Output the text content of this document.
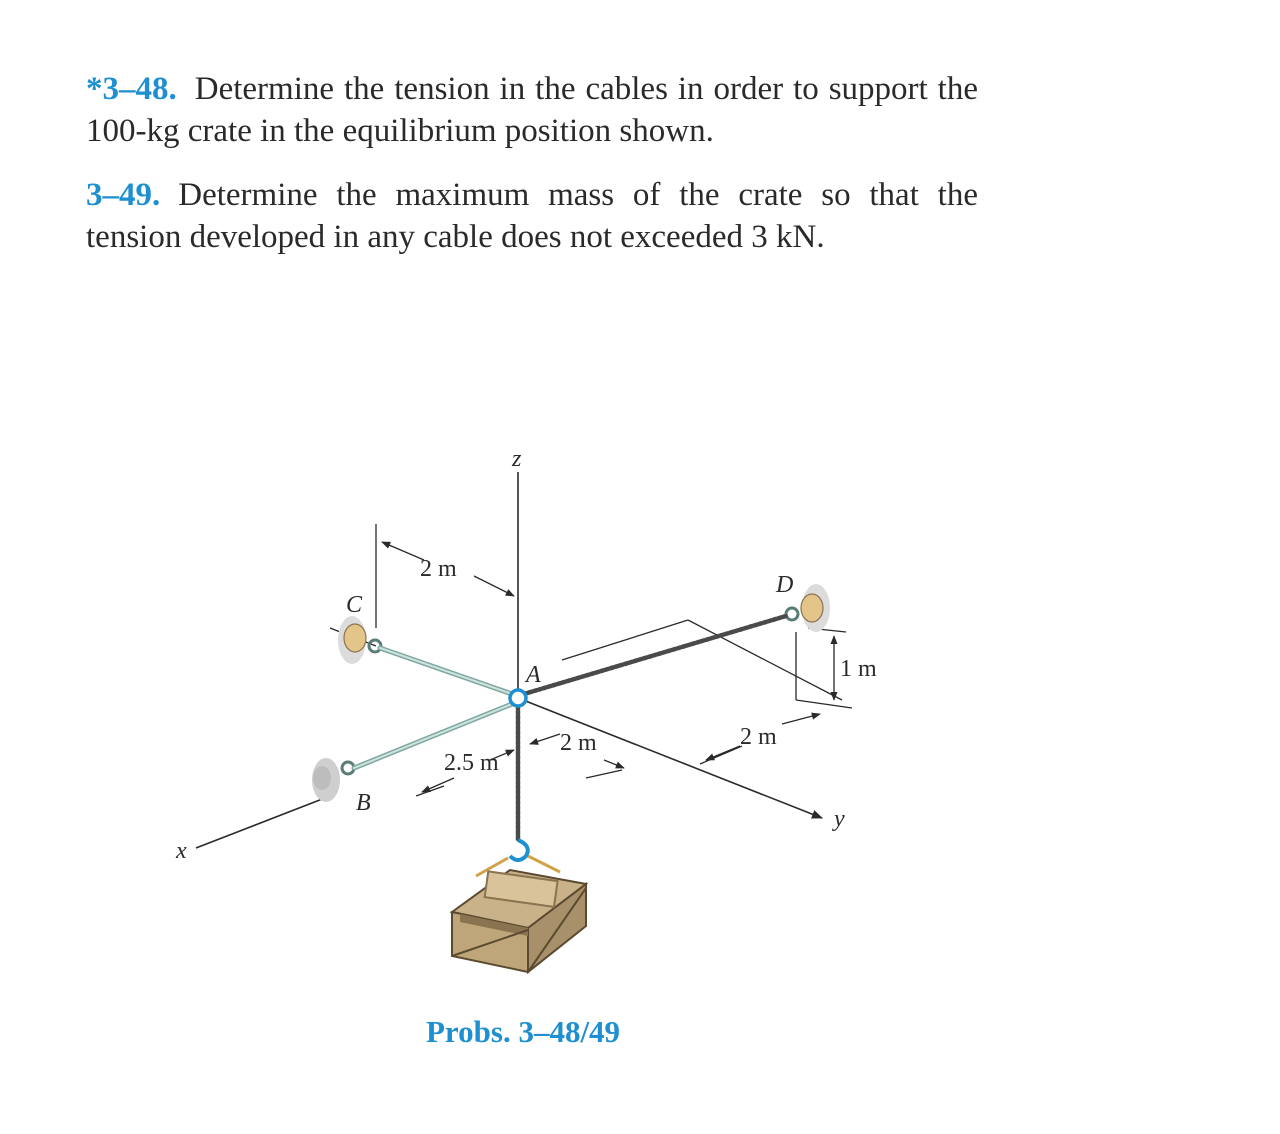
*3–48. Determine the tension in the cables in order to support the 100-kg crate in the equilibrium position shown.

3–49. Determine the maximum mass of the crate so that the tension developed in any cable does not exceeded 3 kN.

z
x
y
A
B
C
D
2 m
2.5 m
2 m	2 m
1 m

Probs. 3–48/49
